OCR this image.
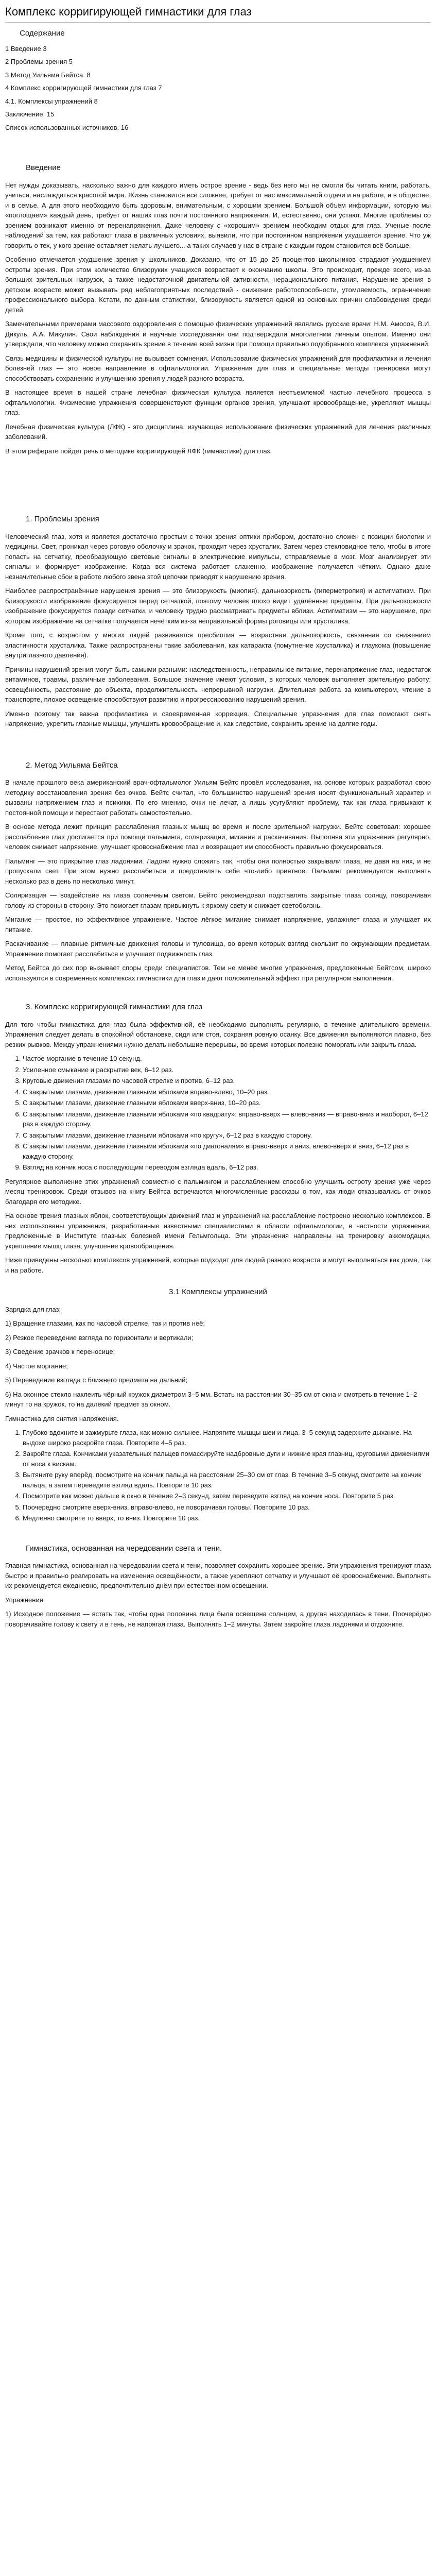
Комплекс корригирующей гимнастики для глаз
Содержание
1 Введение 3
2 Проблемы зрения 5
3 Метод Уильяма Бейтса. 8
4 Комплекс корригирующей гимнастики для глаз 7
4.1. Комплексы упражнений 8
Заключение. 15
Список использованных источников. 16
Введение

Нет нужды доказывать, насколько важно для каждого иметь острое зрение - ведь без него мы не смогли бы читать книги, работать, учиться, наслаждаться красотой мира. Жизнь становится всё сложнее, требует от нас максимальной отдачи и на работе, и в обществе, и в семье. А для этого необходимо быть здоровым, внимательным, с хорошим зрением. Большой объём информации, которую мы «поглощаем» каждый день, требует от наших глаз почти постоянного напряжения. И, естественно, они устают. Многие проблемы со зрением возникают именно от перенапряжения. Даже человеку с «хорошим» зрением необходим отдых для глаз. Ученые после наблюдений за тем, как работают глаза в различных условиях, выявили, что при постоянном напряжении ухудшается зрение. Что уж говорить о тех, у кого зрение оставляет желать лучшего... а таких случаев у нас в стране с каждым годом становится всё больше.

Особенно отмечается ухудшение зрения у школьников. Доказано, что от 15 до 25 процентов школьников страдают ухудшением остроты зрения. При этом количество близоруких учащихся возрастает к окончанию школы. Это происходит, прежде всего, из-за больших зрительных нагрузок, а также недостаточной двигательной активности, нерационального питания. Нарушение зрения в детском возрасте может вызывать ряд неблагоприятных последствий - снижение работоспособности, утомляемость, ограничение профессионального выбора. Кстати, по данным статистики, близорукость является одной из основных причин слабовидения среди детей.

Замечательными примерами массового оздоровления с помощью физических упражнений являлись русские врачи: Н.М. Амосов, В.И. Дикуль, А.А. Микулин. Свои наблюдения и научные исследования они подтверждали многолетним личным опытом. Именно они утверждали, что человеку можно сохранить зрение в течение всей жизни при помощи правильно подобранного комплекса упражнений.

Связь медицины и физической культуры не вызывает сомнения. Использование физических упражнений для профилактики и лечения болезней глаз — это новое направление в офтальмологии. Упражнения для глаз и специальные методы тренировки могут способствовать сохранению и улучшению зрения у людей разного возраста.

В настоящее время в нашей стране лечебная физическая культура является неотъемлемой частью лечебного процесса в офтальмологии. Физические упражнения совершенствуют функции органов зрения, улучшают кровообращение, укрепляют мышцы глаз.

Лечебная физическая культура (ЛФК) - это дисциплина, изучающая использование физических упражнений для лечения различных заболеваний.

В этом реферате пойдет речь о методике корригирующей ЛФК (гимнастики) для глаз.

1. Проблемы зрения

Человеческий глаз, хотя и является достаточно простым с точки зрения оптики прибором, достаточно сложен с позиции биологии и медицины. Свет, проникая через роговую оболочку и зрачок, проходит через хрусталик. Затем через стекловидное тело, чтобы в итоге попасть на сетчатку, преобразующую световые сигналы в электрические импульсы, отправляемые в мозг. Мозг анализирует эти сигналы и формирует изображение. Когда вся система работает слаженно, изображение получается чётким. Однако даже незначительные сбои в работе любого звена этой цепочки приводят к нарушению зрения.

Наиболее распространённые нарушения зрения — это близорукость (миопия), дальнозоркость (гиперметропия) и астигматизм. При близорукости изображение фокусируется перед сетчаткой, поэтому человек плохо видит удалённые предметы. При дальнозоркости изображение фокусируется позади сетчатки, и человеку трудно рассматривать предметы вблизи. Астигматизм — это нарушение, при котором изображение на сетчатке получается нечётким из-за неправильной формы роговицы или хрусталика.

Кроме того, с возрастом у многих людей развивается пресбиопия — возрастная дальнозоркость, связанная со снижением эластичности хрусталика. Также распространены такие заболевания, как катаракта (помутнение хрусталика) и глаукома (повышение внутриглазного давления).

Причины нарушений зрения могут быть самыми разными: наследственность, неправильное питание, перенапряжение глаз, недостаток витаминов, травмы, различные заболевания. Большое значение имеют условия, в которых человек выполняет зрительную работу: освещённость, расстояние до объекта, продолжительность непрерывной нагрузки. Длительная работа за компьютером, чтение в транспорте, плохое освещение способствуют развитию и прогрессированию нарушений зрения.

Именно поэтому так важна профилактика и своевременная коррекция. Специальные упражнения для глаз помогают снять напряжение, укрепить глазные мышцы, улучшить кровообращение и, как следствие, сохранить зрение на долгие годы.

2. Метод Уильяма Бейтса

В начале прошлого века американский врач-офтальмолог Уильям Бейтс провёл исследования, на основе которых разработал свою методику восстановления зрения без очков. Бейтс считал, что большинство нарушений зрения носят функциональный характер и вызваны напряжением глаз и психики. По его мнению, очки не лечат, а лишь усугубляют проблему, так как глаза привыкают к постоянной помощи и перестают работать самостоятельно.

В основе метода лежит принцип расслабления глазных мышц во время и после зрительной нагрузки. Бейтс советовал: хорошее расслабление глаз достигается при помощи пальминга, соляризации, мигания и раскачивания. Выполняя эти упражнения регулярно, человек снимает напряжение, улучшает кровоснабжение глаз и возвращает им способность правильно фокусироваться.

Пальминг — это прикрытие глаз ладонями. Ладони нужно сложить так, чтобы они полностью закрывали глаза, не давя на них, и не пропускали свет. При этом нужно расслабиться и представлять себе что-либо приятное. Пальминг рекомендуется выполнять несколько раз в день по несколько минут.

Соляризация — воздействие на глаза солнечным светом. Бейтс рекомендовал подставлять закрытые глаза солнцу, поворачивая голову из стороны в сторону. Это помогает глазам привыкнуть к яркому свету и снижает светобоязнь.

Мигание — простое, но эффективное упражнение. Частое лёгкое мигание снимает напряжение, увлажняет глаза и улучшает их питание.

Раскачивание — плавные ритмичные движения головы и туловища, во время которых взгляд скользит по окружающим предметам. Упражнение помогает расслабиться и улучшает подвижность глаз.

Метод Бейтса до сих пор вызывает споры среди специалистов. Тем не менее многие упражнения, предложенные Бейтсом, широко используются в современных комплексах гимнастики для глаз и дают положительный эффект при регулярном выполнении.

3. Комплекс корригирующей гимнастики для глаз

Для того чтобы гимнастика для глаз была эффективной, её необходимо выполнять регулярно, в течение длительного времени. Упражнения следует делать в спокойной обстановке, сидя или стоя, сохраняя ровную осанку. Все движения выполняются плавно, без резких рывков. Между упражнениями нужно делать небольшие перерывы, во время которых полезно поморгать или закрыть глаза.

1. Частое моргание в течение 10 секунд.
2. Усиленное смыкание и раскрытие век, 6–12 раз.
3. Круговые движения глазами по часовой стрелке и против, 6–12 раз.
4. С закрытыми глазами, движение глазными яблоками вправо-влево, 10–20 раз.
5. С закрытыми глазами, движение глазными яблоками вверх-вниз, 10–20 раз.
6. С закрытыми глазами, движение глазными яблоками «по квадрату»: вправо-вверх — влево-вниз — вправо-вниз и наоборот, 6–12 раз в каждую сторону.
7. С закрытыми глазами, движение глазными яблоками «по кругу», 6–12 раз в каждую сторону.
8. С закрытыми глазами, движение глазными яблоками «по диагоналям» вправо-вверх и вниз, влево-вверх и вниз, 6–12 раз в каждую сторону.
9. Взгляд на кончик носа с последующим переводом взгляда вдаль, 6–12 раз.

Регулярное выполнение этих упражнений совместно с пальмингом и расслаблением способно улучшить остроту зрения уже через месяц тренировок. Среди отзывов на книгу Бейтса встречаются многочисленные рассказы о том, как люди отказывались от очков благодаря его методике.

На основе трения глазных яблок, соответствующих движений глаз и упражнений на расслабление построено несколько комплексов. В них использованы упражнения, разработанные известными специалистами в области офтальмологии, в частности упражнения, предложенные в Институте глазных болезней имени Гельмгольца. Эти упражнения направлены на тренировку аккомодации, укрепление мышц глаза, улучшение кровообращения.

Ниже приведены несколько комплексов упражнений, которые подходят для людей разного возраста и могут выполняться как дома, так и на работе.

3.1 Комплексы упражнений
Зарядка для глаз:
1) Вращение глазами, как по часовой стрелке, так и против неё;
2) Резкое переведение взгляда по горизонтали и вертикали;
3) Сведение зрачков к переносице;
4) Частое моргание;
5) Переведение взгляда с ближнего предмета на дальний;
6) На оконное стекло наклеить чёрный кружок диаметром 3–5 мм. Встать на расстоянии 30–35 см от окна и смотреть в течение 1–2 минут то на кружок, то на далёкий предмет за окном.
Гимнастика для снятия напряжения.
1. Глубоко вдохните и зажмурьте глаза, как можно сильнее. Напрягите мышцы шеи и лица. 3–5 секунд задержите дыхание. На выдохе широко раскройте глаза. Повторите 4–5 раз.
2. Закройте глаза. Кончиками указательных пальцев помассируйте надбровные дуги и нижние края глазниц, круговыми движениями от носа к вискам.
3. Вытяните руку вперёд, посмотрите на кончик пальца на расстоянии 25–30 см от глаз. В течение 3–5 секунд смотрите на кончик пальца, а затем переведите взгляд вдаль. Повторите 10 раз.
4. Посмотрите как можно дальше в окно в течение 2–3 секунд, затем переведите взгляд на кончик носа. Повторите 5 раз.
5. Поочередно смотрите вверх-вниз, вправо-влево, не поворачивая головы. Повторите 10 раз.
6. Медленно смотрите то вверх, то вниз. Повторите 10 раз.
Гимнастика, основанная на чередовании света и тени.

Главная гимнастика, основанная на чередовании света и тени, позволяет сохранить хорошее зрение. Эти упражнения тренируют глаза быстро и правильно реагировать на изменения освещённости, а также укрепляют сетчатку и улучшают её кровоснабжение. Выполнять их рекомендуется ежедневно, предпочтительно днём при естественном освещении.

Упражнения:

1) Исходное положение — встать так, чтобы одна половина лица была освещена солнцем, а другая находилась в тени. Поочерёдно поворачивайте голову к свету и в тень, не напрягая глаза. Выполнять 1–2 минуты. Затем закройте глаза ладонями и отдохните.
